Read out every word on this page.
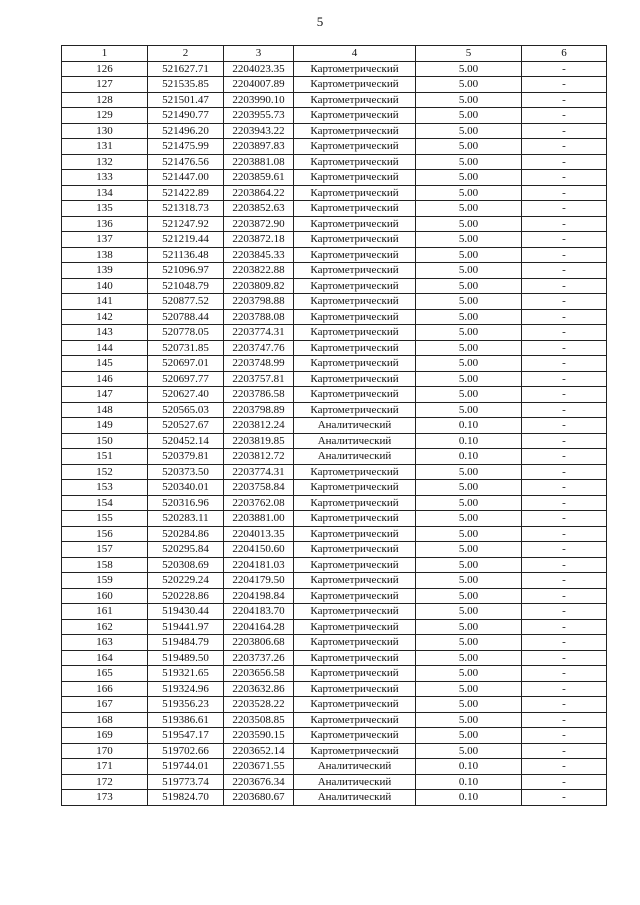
5
1	2	3	4	5	6
126	521627.71	2204023.35	Картометрический	5.00	-
127	521535.85	2204007.89	Картометрический	5.00	-
128	521501.47	2203990.10	Картометрический	5.00	-
129	521490.77	2203955.73	Картометрический	5.00	-
130	521496.20	2203943.22	Картометрический	5.00	-
131	521475.99	2203897.83	Картометрический	5.00	-
132	521476.56	2203881.08	Картометрический	5.00	-
133	521447.00	2203859.61	Картометрический	5.00	-
134	521422.89	2203864.22	Картометрический	5.00	-
135	521318.73	2203852.63	Картометрический	5.00	-
136	521247.92	2203872.90	Картометрический	5.00	-
137	521219.44	2203872.18	Картометрический	5.00	-
138	521136.48	2203845.33	Картометрический	5.00	-
139	521096.97	2203822.88	Картометрический	5.00	-
140	521048.79	2203809.82	Картометрический	5.00	-
141	520877.52	2203798.88	Картометрический	5.00	-
142	520788.44	2203788.08	Картометрический	5.00	-
143	520778.05	2203774.31	Картометрический	5.00	-
144	520731.85	2203747.76	Картометрический	5.00	-
145	520697.01	2203748.99	Картометрический	5.00	-
146	520697.77	2203757.81	Картометрический	5.00	-
147	520627.40	2203786.58	Картометрический	5.00	-
148	520565.03	2203798.89	Картометрический	5.00	-
149	520527.67	2203812.24	Аналитический	0.10	-
150	520452.14	2203819.85	Аналитический	0.10	-
151	520379.81	2203812.72	Аналитический	0.10	-
152	520373.50	2203774.31	Картометрический	5.00	-
153	520340.01	2203758.84	Картометрический	5.00	-
154	520316.96	2203762.08	Картометрический	5.00	-
155	520283.11	2203881.00	Картометрический	5.00	-
156	520284.86	2204013.35	Картометрический	5.00	-
157	520295.84	2204150.60	Картометрический	5.00	-
158	520308.69	2204181.03	Картометрический	5.00	-
159	520229.24	2204179.50	Картометрический	5.00	-
160	520228.86	2204198.84	Картометрический	5.00	-
161	519430.44	2204183.70	Картометрический	5.00	-
162	519441.97	2204164.28	Картометрический	5.00	-
163	519484.79	2203806.68	Картометрический	5.00	-
164	519489.50	2203737.26	Картометрический	5.00	-
165	519321.65	2203656.58	Картометрический	5.00	-
166	519324.96	2203632.86	Картометрический	5.00	-
167	519356.23	2203528.22	Картометрический	5.00	-
168	519386.61	2203508.85	Картометрический	5.00	-
169	519547.17	2203590.15	Картометрический	5.00	-
170	519702.66	2203652.14	Картометрический	5.00	-
171	519744.01	2203671.55	Аналитический	0.10	-
172	519773.74	2203676.34	Аналитический	0.10	-
173	519824.70	2203680.67	Аналитический	0.10	-
